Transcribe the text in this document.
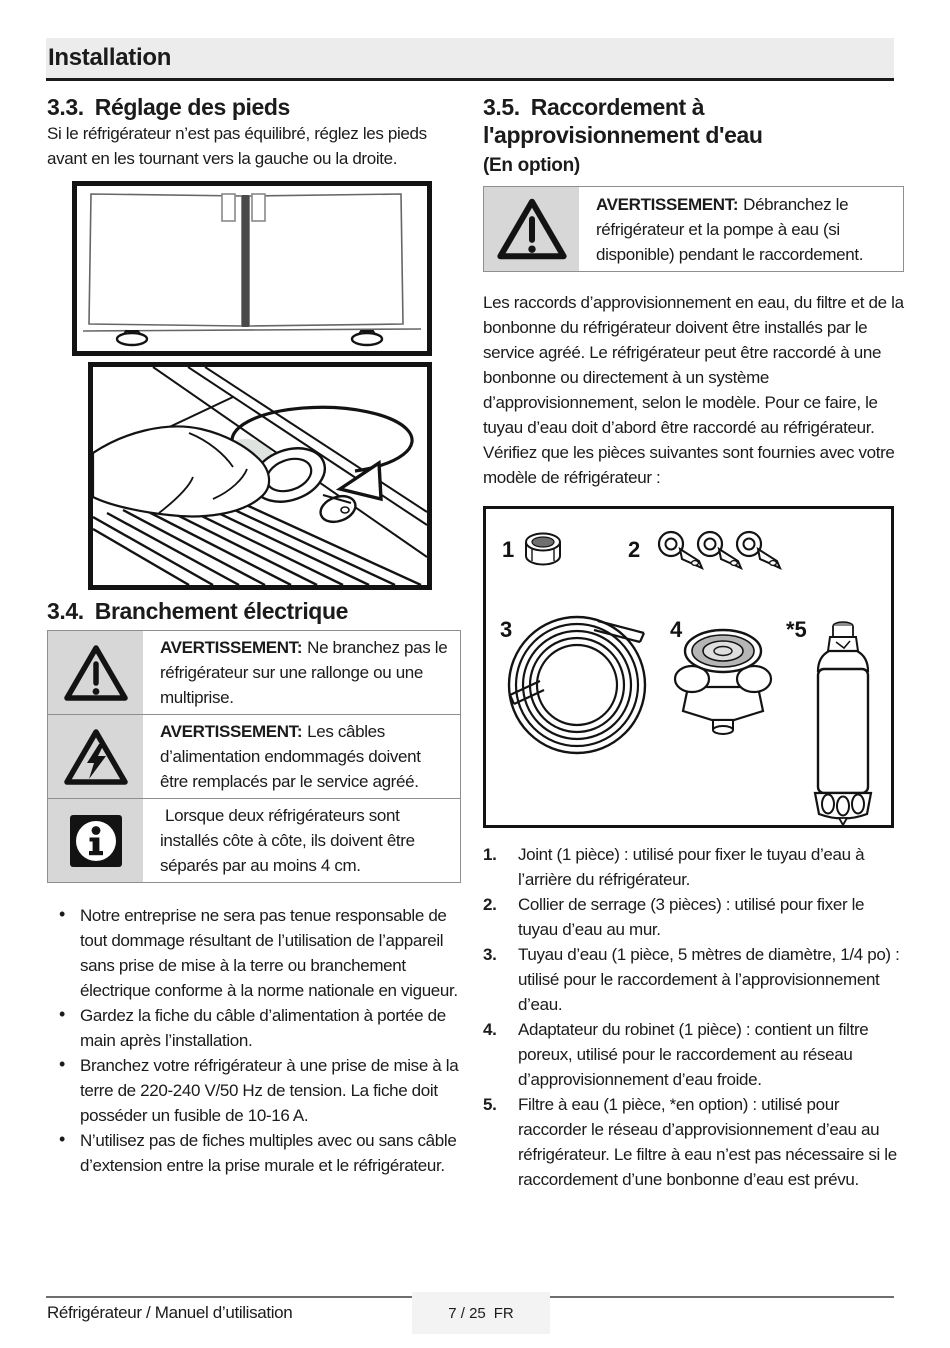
Installation
3.3. Réglage des pieds

Si le réfrigérateur n’est pas équilibré, réglez les pieds avant en les tournant vers la gauche ou la droite.

3.4. Branchement électrique

AVERTISSEMENT: Ne branchez pas le réfrigérateur sur une rallonge ou une multiprise.

AVERTISSEMENT: Les câbles d’alimentation endommagés doivent être remplacés par le service agréé.

Lorsque deux réfrigérateurs sont installés côte à côte, ils doivent être séparés par au moins 4 cm.

• Notre entreprise ne sera pas tenue responsable de tout dommage résultant de l’utilisation de l’appareil sans prise de mise à la terre ou branchement électrique conforme à la norme nationale en vigueur.
• Gardez la fiche du câble d’alimentation à portée de main après l’installation.
• Branchez votre réfrigérateur à une prise de mise à la terre de 220-240 V/50 Hz de tension. La fiche doit posséder un fusible de 10-16 A.
• N’utilisez pas de fiches multiples avec ou sans câble d’extension entre la prise murale et le réfrigérateur.
3.5. Raccordement à l'approvisionnement d'eau
(En option)

AVERTISSEMENT: Débranchez le réfrigérateur et la pompe à eau (si disponible) pendant le raccordement.

Les raccords d’approvisionnement en eau, du filtre et de la bonbonne du réfrigérateur doivent être installés par le service agréé. Le réfrigérateur peut être raccordé à une bonbonne ou directement à un système d’approvisionnement, selon le modèle. Pour ce faire, le tuyau d’eau doit d’abord être raccordé au réfrigérateur.

Vérifiez que les pièces suivantes sont fournies avec votre modèle de réfrigérateur :

1	2
3	4	*5
1. Joint (1 pièce) : utilisé pour fixer le tuyau d’eau à l’arrière du réfrigérateur.
2. Collier de serrage (3 pièces) : utilisé pour fixer le tuyau d’eau au mur.
3. Tuyau d’eau (1 pièce, 5 mètres de diamètre, 1/4 po) : utilisé pour le raccordement à l’approvisionnement d’eau.
4. Adaptateur du robinet (1 pièce) : contient un filtre poreux, utilisé pour le raccordement au réseau d’approvisionnement d’eau froide.
5. Filtre à eau (1 pièce, *en option) : utilisé pour raccorder le réseau d’approvisionnement d’eau au réfrigérateur. Le filtre à eau n’est pas nécessaire si le raccordement d’une bonbonne d’eau est prévu.
Réfrigérateur / Manuel d’utilisation	7 / 25 FR
